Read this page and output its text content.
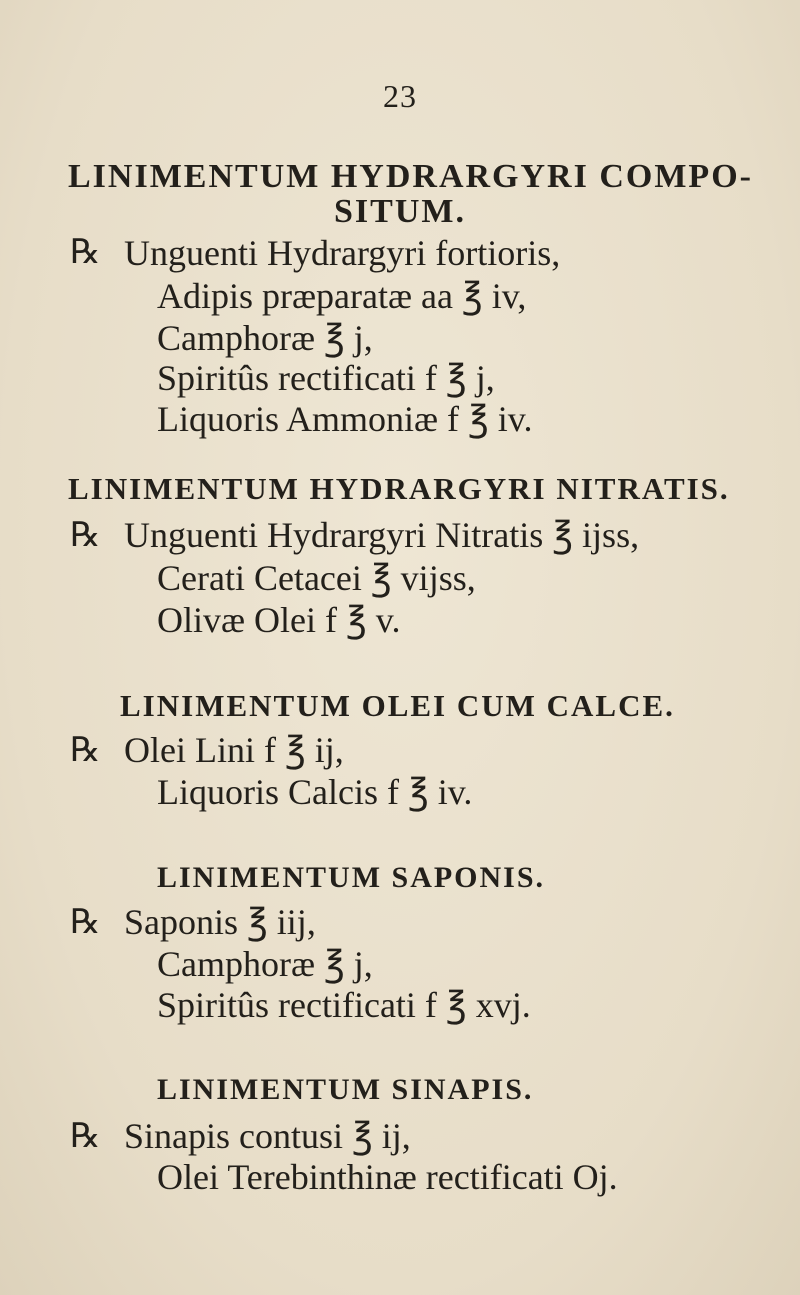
23
LINIMENTUM HYDRARGYRI COMPO-
SITUM.
℞ Unguenti Hydrargyri fortioris,
Adipis præparatæ aa ℥ iv,
Camphoræ ℥ j,
Spiritûs rectificati f ℥ j,
Liquoris Ammoniæ f ℥ iv.
LINIMENTUM HYDRARGYRI NITRATIS.
℞ Unguenti Hydrargyri Nitratis ℥ ijss,
Cerati Cetacei ℥ vijss,
Olivæ Olei f ℥ v.
LINIMENTUM OLEI CUM CALCE.
℞ Olei Lini f ℥ ij,
Liquoris Calcis f ℥ iv.
LINIMENTUM SAPONIS.
℞ Saponis ℥ iij,
Camphoræ ℥ j,
Spiritûs rectificati f ℥ xvj.
LINIMENTUM SINAPIS.
℞ Sinapis contusi ℥ ij,
Olei Terebinthinæ rectificati Oj.
